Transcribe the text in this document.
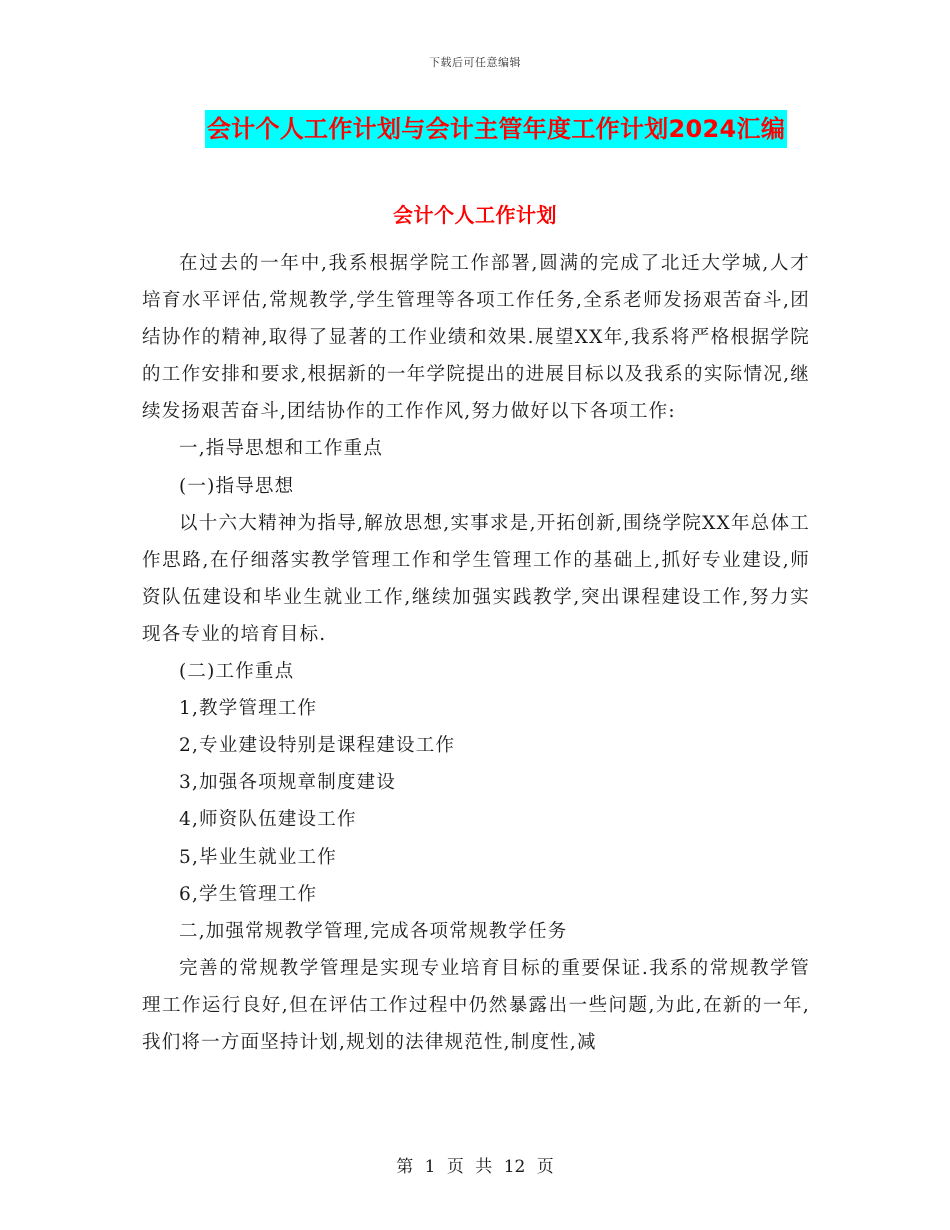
下载后可任意编辑
会计个人工作计划与会计主管年度工作计划2024汇编
会计个人工作计划

在过去的一年中,我系根据学院工作部署,圆满的完成了北迁大学城,人才培育水平评估,常规教学,学生管理等各项工作任务,全系老师发扬艰苦奋斗,团结协作的精神,取得了显著的工作业绩和效果.展望XX年,我系将严格根据学院的工作安排和要求,根据新的一年学院提出的进展目标以及我系的实际情况,继续发扬艰苦奋斗,团结协作的工作作风,努力做好以下各项工作:

一,指导思想和工作重点

(一)指导思想

以十六大精神为指导,解放思想,实事求是,开拓创新,围绕学院XX年总体工作思路,在仔细落实教学管理工作和学生管理工作的基础上,抓好专业建设,师资队伍建设和毕业生就业工作,继续加强实践教学,突出课程建设工作,努力实现各专业的培育目标.

(二)工作重点

1,教学管理工作

2,专业建设特别是课程建设工作

3,加强各项规章制度建设

4,师资队伍建设工作

5,毕业生就业工作

6,学生管理工作

二,加强常规教学管理,完成各项常规教学任务

完善的常规教学管理是实现专业培育目标的重要保证.我系的常规教学管理工作运行良好,但在评估工作过程中仍然暴露出一些问题,为此,在新的一年,我们将一方面坚持计划,规划的法律规范性,制度性,减

第 1 页 共 12 页
